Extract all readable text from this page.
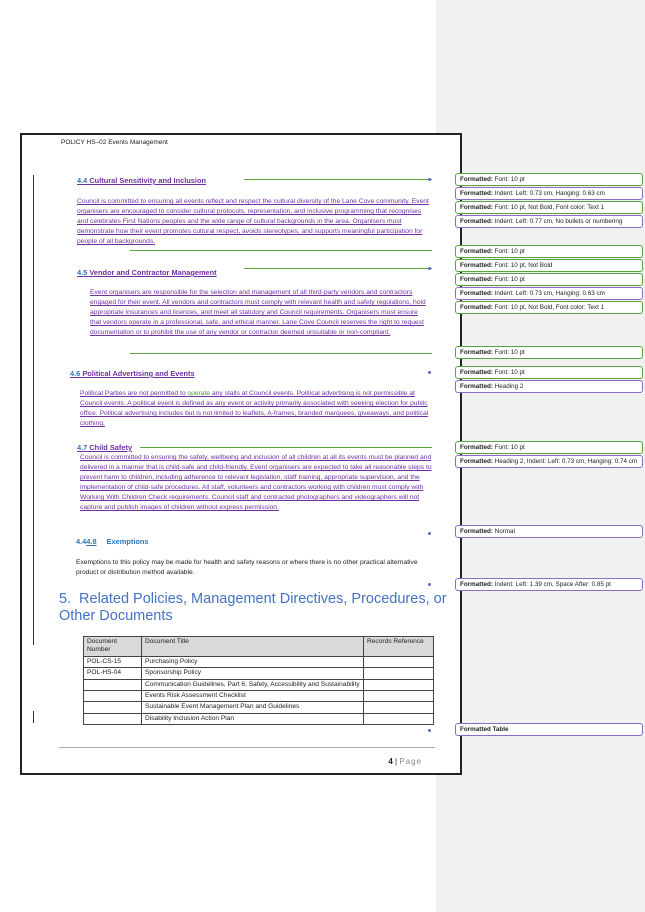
POLICY HS–02 Events Management
4.4 Cultural Sensitivity and Inclusion
Council is committed to ensuring all events reflect and respect the cultural diversity of the Lane Cove community. Event organisers are encouraged to consider cultural protocols, representation, and inclusive programming that recognises and celebrates First Nations peoples and the wide range of cultural backgrounds in the area. Organisers must demonstrate how their event promotes cultural respect, avoids stereotypes, and supports meaningful participation for people of all backgrounds.
4.5 Vendor and Contractor Management
Event organisers are responsible for the selection and management of all third-party vendors and contractors engaged for their event. All vendors and contractors must comply with relevant health and safety regulations, hold appropriate insurances and licences, and meet all statutory and Council requirements. Organisers must ensure that vendors operate in a professional, safe, and ethical manner. Lane Cove Council reserves the right to request documentation or to prohibit the use of any vendor or contractor deemed unsuitable or non-compliant.
4.6 Political Advertising and Events
Political Parties are not permitted to operate any stalls at Council events. Political advertising is not permissible at Council events. A political event is defined as any event or activity primarily associated with seeking election for public office. Political advertising includes but is not limited to leaflets, A-frames, branded marquees, giveaways, and political clothing.
4.7 Child Safety
Council is committed to ensuring the safety, wellbeing and inclusion of all children at all its events must be planned and delivered in a manner that is child-safe and child-friendly. Event organisers are expected to take all reasonable steps to prevent harm to children, including adherence to relevant legislation, staff training, appropriate supervision, and the implementation of child-safe procedures. All staff, volunteers and contractors working with children must comply with Working With Children Check requirements. Council staff and contracted photographers and videographers will not capture and publish images of children without express permission.
4.44.8 Exemptions
Exemptions to this policy may be made for health and safety reasons or where there is no other practical alternative product or distribution method available.
5. Related Policies, Management Directives, Procedures, or Other Documents
Document Number	Document Title	Records Reference
POL-CS-15	Purchasing Policy	
POL-HS-04	Sponsorship Policy	
	Communication Guidelines, Part 6; Safety, Accessibility and Sustainability	
	Events Risk Assessment Checklist	
	Sustainable Event Management Plan and Guidelines	
	Disability Inclusion Action Plan	
4 | Page
Formatted: Font: 10 pt
Formatted: Indent: Left: 0.73 cm, Hanging: 0.63 cm
Formatted: Font: 10 pt, Not Bold, Font color: Text 1
Formatted: Indent: Left: 0.77 cm, No bullets or numbering
Formatted: Font: 10 pt
Formatted: Font: 10 pt, Not Bold
Formatted: Font: 10 pt
Formatted: Indent: Left: 0.73 cm, Hanging: 0.63 cm
Formatted: Font: 10 pt, Not Bold, Font color: Text 1
Formatted: Font: 10 pt
Formatted: Font: 10 pt
Formatted: Heading 2
Formatted: Font: 10 pt
Formatted: Heading 2, Indent: Left: 0.73 cm, Hanging: 0.74 cm
Formatted: Normal
Formatted: Indent: Left: 1.39 cm, Space After: 0.85 pt
Formatted Table
